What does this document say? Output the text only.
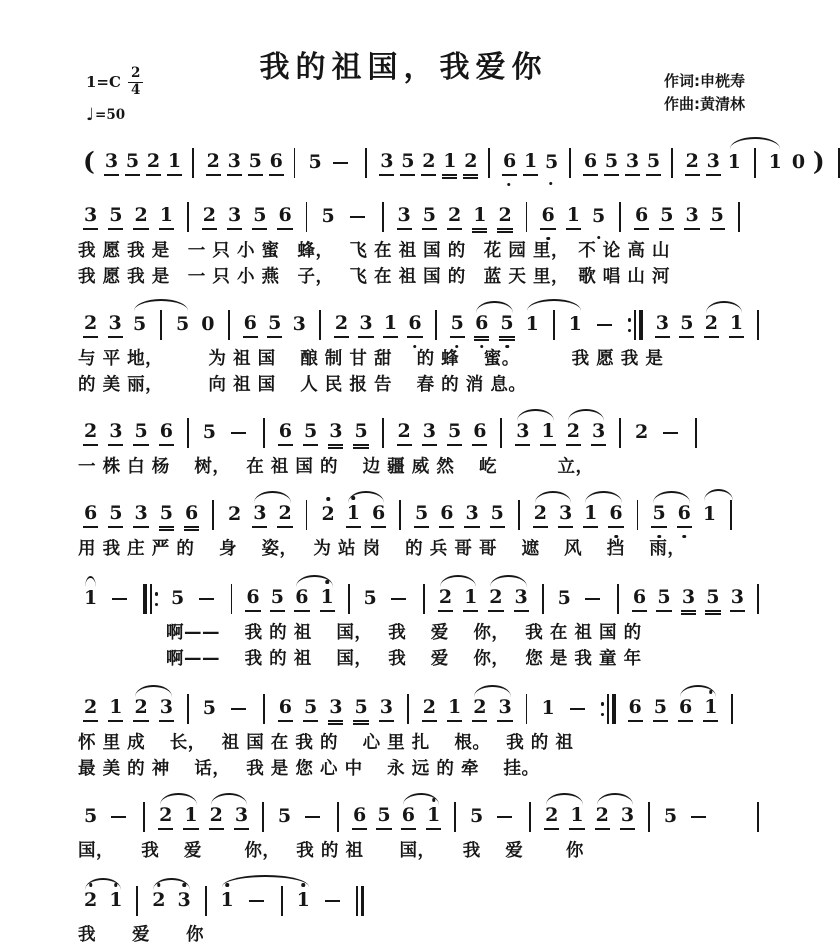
$1=C \frac{2}{4}$
♩ =50
我的祖国，我爱你	作词:申桄寿
作曲:黄清林
( 3 5 2 1 2 3 5 6 5	3 5 2 1 2 6 1 5 6 5 3 5 2 3 1 1 0 )
3 5 2 1 2 3 5 6 5	3 5 2 1 2 6 1 5 6 5 3 5
我 愿 我 是　一 只 小 蜜　蜂，　 飞 在 祖 国 的　花 园 里，　不 论 高 山
我 愿 我 是　一 只 小 燕　子，　 飞 在 祖 国 的　蓝 天 里，　歌 唱 山 河
2 3 5 5 0 6 5 3 2 3 1 6 5 6 5 1 1	3 5 2 1
与 平 地，　　　为 祖 国　 酿 制 甘 甜　 的 蜂　 蜜。　　　 我 愿 我 是
的 美 丽，　　　向 祖 国　 人 民 报 告　 春 的 消 息。
2 3 5 6 5	6 5 3 5 2 3 5 6 3 1 2 3 2
一 株 白 杨　 树，　 在 祖 国 的　 边 疆 威 然　 屹　　　 立，
6 5 3 5 6 2 3 2 2 1 6 5 6 3 5 2 3 1 6 5 6 1
用 我 庄 严 的　 身　 姿，　 为 站 岗　 的 兵 哥 哥　 遮　 风　 挡　 雨，
1	5	6 5 6 1 5	2 1 2 3 5	6 5 3 5 3
啊——　 我 的 祖　 国，　 我　 爱　 你，　 我 在 祖 国 的
啊——　 我 的 祖　 国，　 我　 爱　 你，　 您 是 我 童 年
2 1 2 3 5	6 5 3 5 3 2 1 2 3 1	6 5 6 1
怀 里 成　 长，　 祖 国 在 我 的　 心 里 扎　 根。　 我 的 祖
最 美 的 神　 话，　 我 是 您 心 中　 永 远 的 牵　 挂。
5	2 1 2 3 5	6 5 6 1 5	2 1 2 3 5
国，　　我　 爱　　 你，　 我 的 祖　　国，　　我　 爱　　 你
2 1 2 3 1	1
我　　爱　　你
